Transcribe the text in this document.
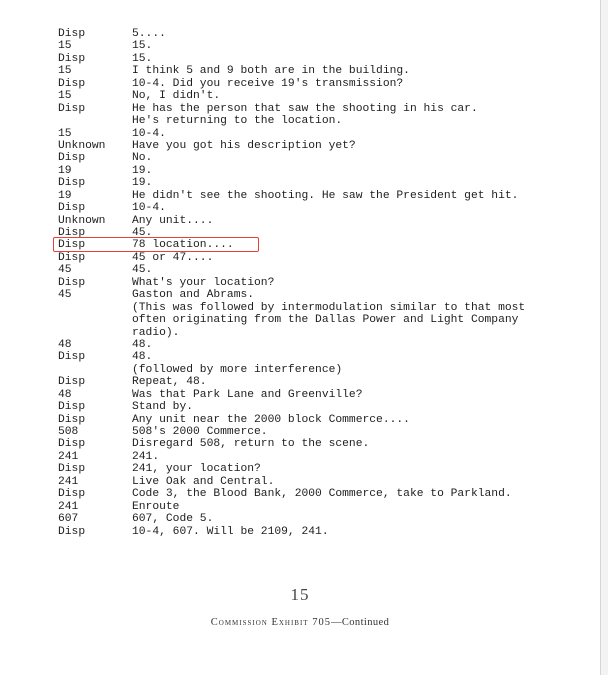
Disp	5....
15	15.
Disp	15.
15	I think 5 and 9 both are in the building.
Disp	10-4. Did you receive 19's transmission?
15	No, I didn't.
Disp	He has the person that saw the shooting in his car.
He's returning to the location.
15	10-4.
Unknown Have you got his description yet?
Disp	No.
19	19.
Disp	19.
19	He didn't see the shooting. He saw the President get hit.
Disp	10-4.
Unknown Any unit....
Disp	45.
Disp	78 location....
Disp	45 or 47....
45	45.
Disp	What's your location?
45	Gaston and Abrams.
(This was followed by intermodulation similar to that most
often originating from the Dallas Power and Light Company
radio).
48	48.
Disp	48.
(followed by more interference)
Disp	Repeat, 48.
48	Was that Park Lane and Greenville?
Disp	Stand by.
Disp	Any unit near the 2000 block Commerce....
508	508's 2000 Commerce.
Disp	Disregard 508, return to the scene.
241	241.
Disp	241, your location?
241	Live Oak and Central.
Disp	Code 3, the Blood Bank, 2000 Commerce, take to Parkland.
241	Enroute
607	607, Code 5.
Disp	10-4, 607. Will be 2109, 241.
15
Commission Exhibit 705—Continued
